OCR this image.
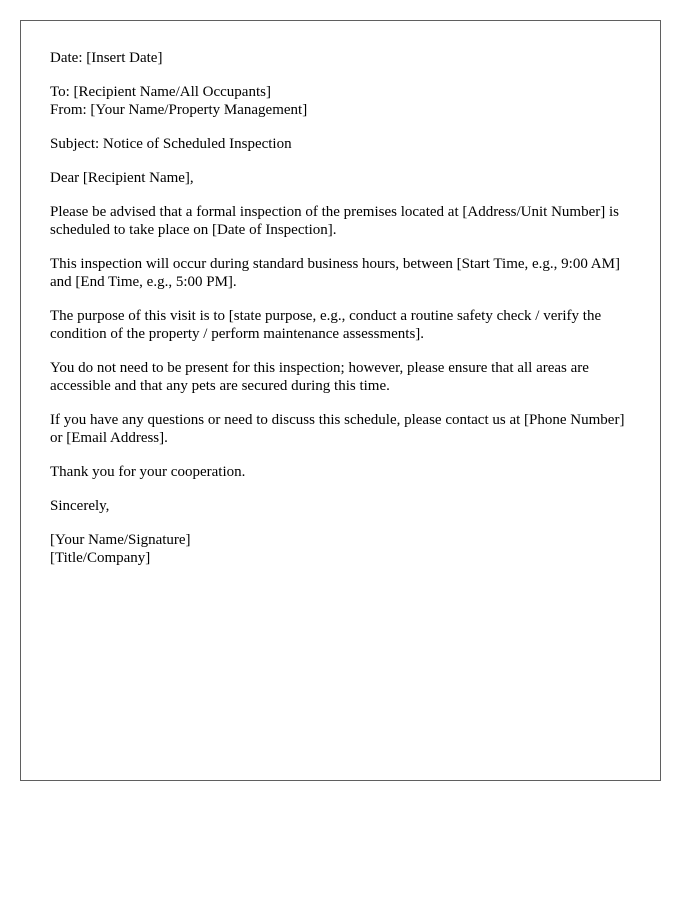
Date: [Insert Date]

To: [Recipient Name/All Occupants]
From: [Your Name/Property Management]

Subject: Notice of Scheduled Inspection

Dear [Recipient Name],

Please be advised that a formal inspection of the premises located at [Address/Unit Number] is scheduled to take place on [Date of Inspection].

This inspection will occur during standard business hours, between [Start Time, e.g., 9:00 AM] and [End Time, e.g., 5:00 PM].

The purpose of this visit is to [state purpose, e.g., conduct a routine safety check / verify the condition of the property / perform maintenance assessments].

You do not need to be present for this inspection; however, please ensure that all areas are accessible and that any pets are secured during this time.

If you have any questions or need to discuss this schedule, please contact us at [Phone Number] or [Email Address].

Thank you for your cooperation.

Sincerely,

[Your Name/Signature]
[Title/Company]
